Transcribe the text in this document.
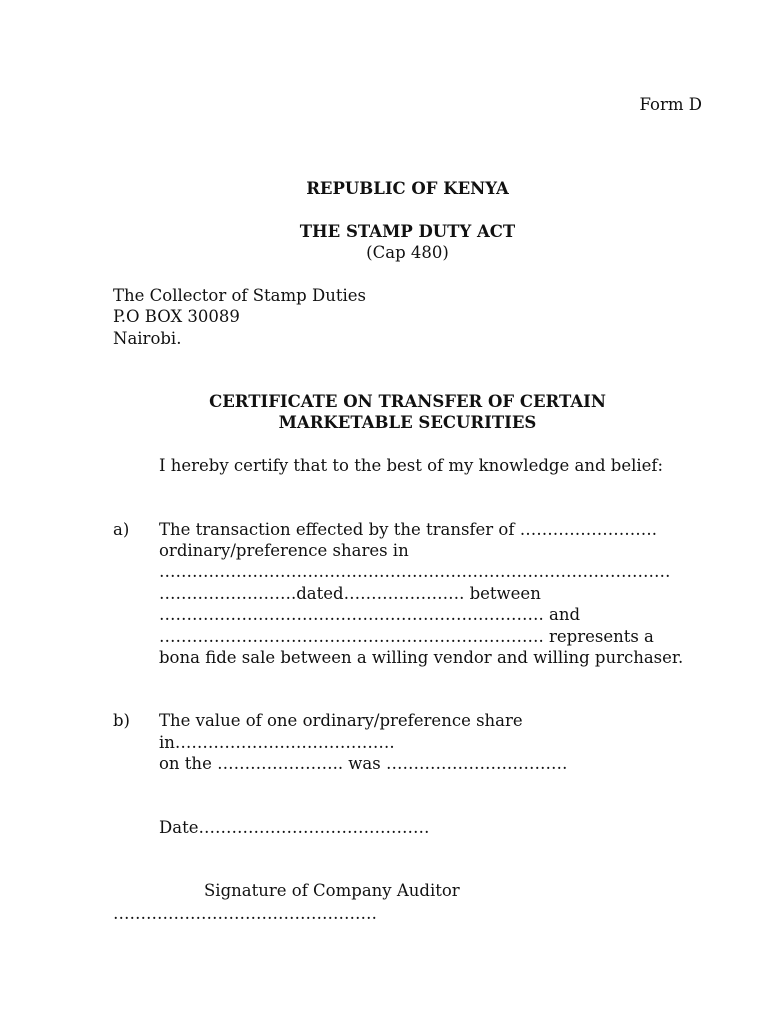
Form D
REPUBLIC OF KENYA
THE STAMP DUTY ACT
(Cap 480)
The Collector of Stamp Duties
P.O BOX 30089
Nairobi.
CERTIFICATE ON TRANSFER OF CERTAIN
MARKETABLE SECURITIES
I hereby certify that to the best of my knowledge and belief:
a) The transaction effected by the transfer of …………………….
ordinary/preference shares in
…………………………………………………………………………………
…………………….dated…………………. between
……………………………………………………………. and
……………………………………………………………. represents a
bona fide sale between a willing vendor and willing purchaser.
b) The value of one ordinary/preference share
in………………………………….
on the ………………….. was ……………………………
Date……………………………………
Signature of Company Auditor
…………………………………………
